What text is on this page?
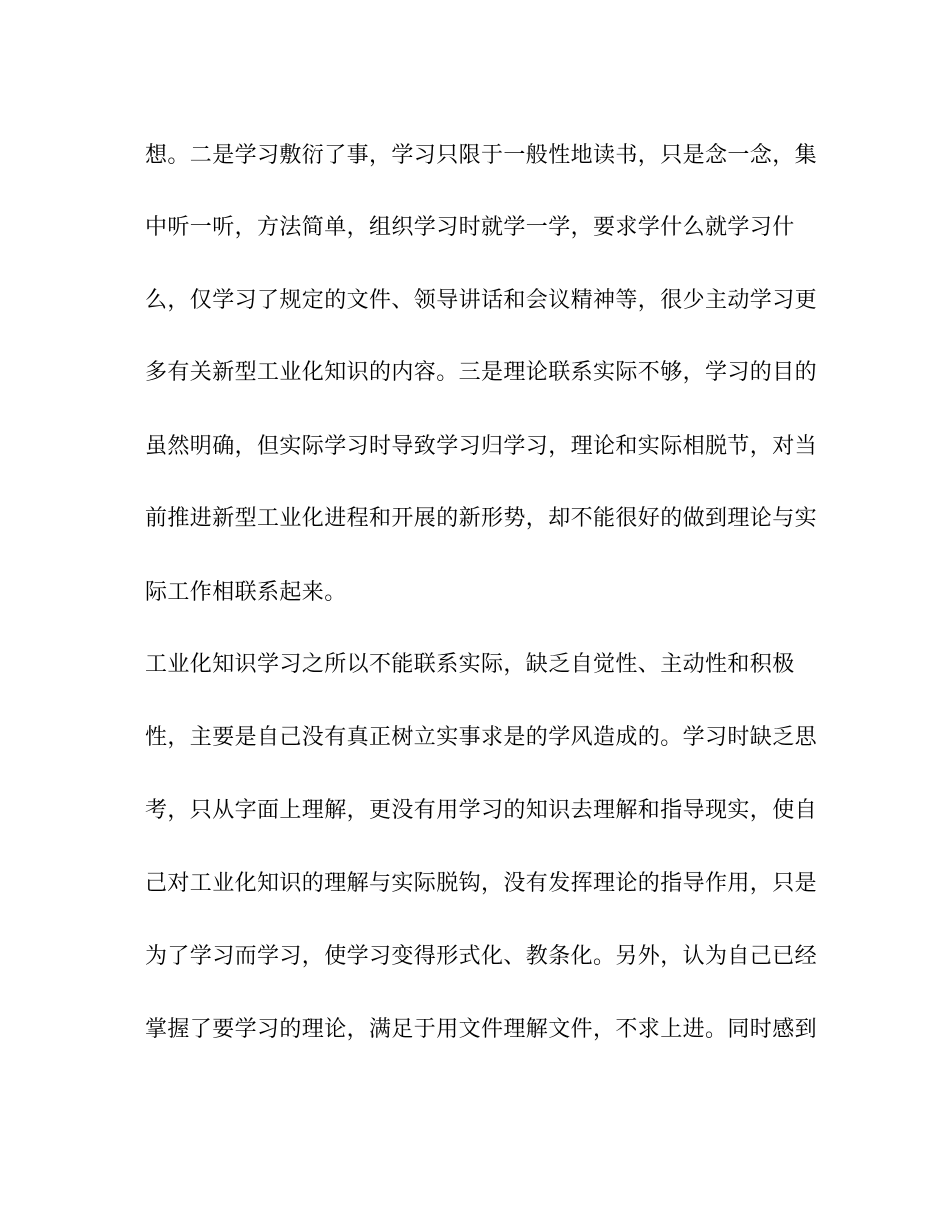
想。二是学习敷衍了事，学习只限于一般性地读书，只是念一念，集
中听一听，方法简单，组织学习时就学一学，要求学什么就学习什
么，仅学习了规定的文件、领导讲话和会议精神等，很少主动学习更
多有关新型工业化知识的内容。三是理论联系实际不够，学习的目的
虽然明确，但实际学习时导致学习归学习，理论和实际相脱节，对当
前推进新型工业化进程和开展的新形势，却不能很好的做到理论与实
际工作相联系起来。
工业化知识学习之所以不能联系实际，缺乏自觉性、主动性和积极
性，主要是自己没有真正树立实事求是的学风造成的。学习时缺乏思
考，只从字面上理解，更没有用学习的知识去理解和指导现实，使自
己对工业化知识的理解与实际脱钩，没有发挥理论的指导作用，只是
为了学习而学习，使学习变得形式化、教条化。另外，认为自己已经
掌握了要学习的理论，满足于用文件理解文件，不求上进。同时感到
